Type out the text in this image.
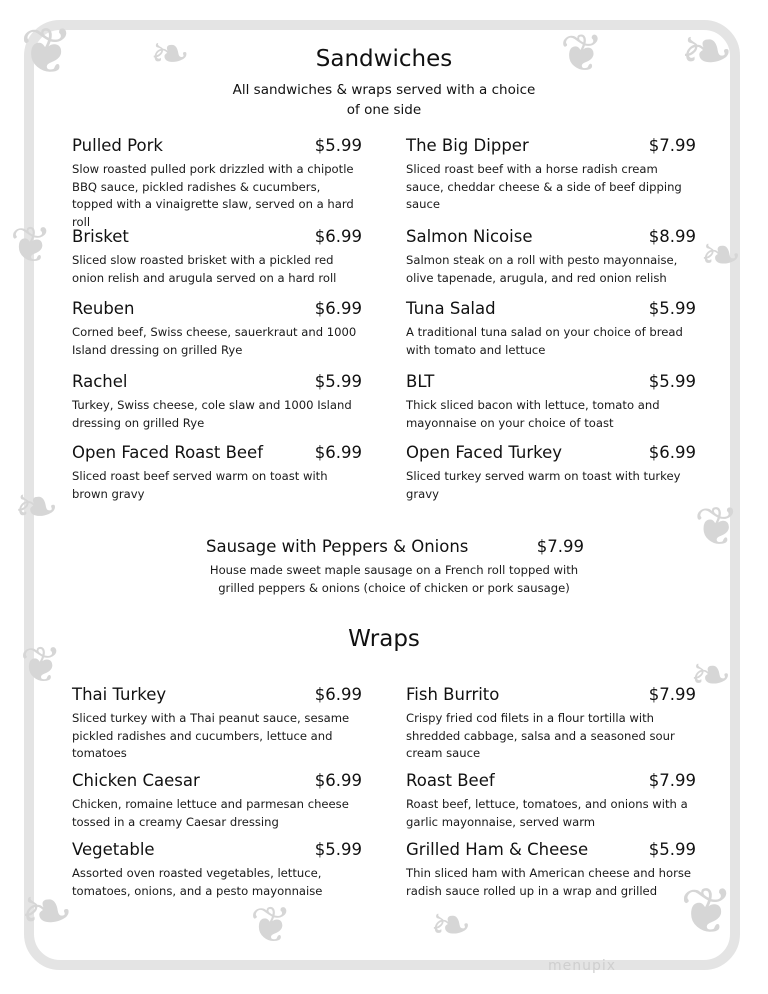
❦ ❧	❦ ❧
❦	❧
❧	❦
❦	❧
❧	❦	❧	❦
Sandwiches
All sandwiches & wraps served with a choice
of one side
Pulled Pork	$5.99
Slow roasted pulled pork drizzled with a chipotle BBQ sauce, pickled radishes & cucumbers, topped with a vinaigrette slaw, served on a hard roll
Brisket	$6.99
Sliced slow roasted brisket with a pickled red onion relish and arugula served on a hard roll
Reuben	$6.99
Corned beef, Swiss cheese, sauerkraut and 1000 Island dressing on grilled Rye
Rachel	$5.99
Turkey, Swiss cheese, cole slaw and 1000 Island dressing on grilled Rye
Open Faced Roast Beef	$6.99
Sliced roast beef served warm on toast with brown gravy
The Big Dipper	$7.99
Sliced roast beef with a horse radish cream sauce, cheddar cheese & a side of beef dipping sauce
Salmon Nicoise	$8.99
Salmon steak on a roll with pesto mayonnaise, olive tapenade, arugula, and red onion relish
Tuna Salad	$5.99
A traditional tuna salad on your choice of bread with tomato and lettuce
BLT	$5.99
Thick sliced bacon with lettuce, tomato and mayonnaise on your choice of toast
Open Faced Turkey	$6.99
Sliced turkey served warm on toast with turkey gravy
Sausage with Peppers & Onions	$7.99
House made sweet maple sausage on a French roll topped with grilled peppers & onions (choice of chicken or pork sausage)
Wraps
Thai Turkey	$6.99
Sliced turkey with a Thai peanut sauce, sesame pickled radishes and cucumbers, lettuce and tomatoes
Chicken Caesar	$6.99
Chicken, romaine lettuce and parmesan cheese tossed in a creamy Caesar dressing
Vegetable	$5.99
Assorted oven roasted vegetables, lettuce, tomatoes, onions, and a pesto mayonnaise
Fish Burrito	$7.99
Crispy fried cod filets in a flour tortilla with shredded cabbage, salsa and a seasoned sour cream sauce
Roast Beef	$7.99
Roast beef, lettuce, tomatoes, and onions with a garlic mayonnaise, served warm
Grilled Ham & Cheese	$5.99
Thin sliced ham with American cheese and horse radish sauce rolled up in a wrap and grilled
menupix
